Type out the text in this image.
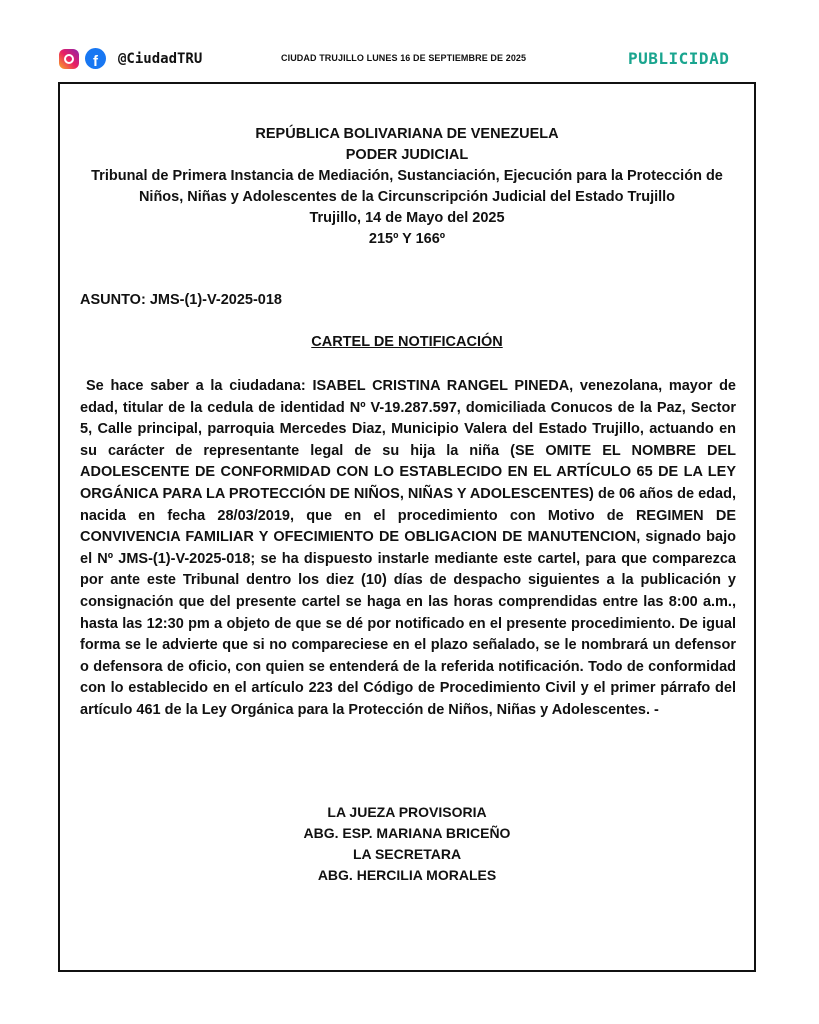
f	@CiudadTRU	CIUDAD TRUJILLO LUNES 16 DE SEPTIEMBRE DE 2025	PUBLICIDAD
REPÚBLICA BOLIVARIANA DE VENEZUELA
PODER JUDICIAL
Tribunal de Primera Instancia de Mediación, Sustanciación, Ejecución para la Protección de Niños, Niñas y Adolescentes de la Circunscripción Judicial del Estado Trujillo
Trujillo, 14 de Mayo del 2025
215º Y 166º
ASUNTO: JMS-(1)-V-2025-018
CARTEL DE NOTIFICACIÓN
Se hace saber a la ciudadana: ISABEL CRISTINA RANGEL PINEDA, venezolana, mayor de edad, titular de la cedula de identidad Nº V-19.287.597, domiciliada Conucos de la Paz, Sector 5, Calle principal, parroquia Mercedes Diaz, Municipio Valera del Estado Trujillo, actuando en su carácter de representante legal de su hija la niña (SE OMITE EL NOMBRE DEL ADOLESCENTE DE CONFORMIDAD CON LO ESTABLECIDO EN EL ARTÍCULO 65 DE LA LEY ORGÁNICA PARA LA PROTECCIÓN DE NIÑOS, NIÑAS Y ADOLESCENTES) de 06 años de edad, nacida en fecha 28/03/2019, que en el procedimiento con Motivo de REGIMEN DE CONVIVENCIA FAMILIAR Y OFECIMIENTO DE OBLIGACION DE MANUTENCION, signado bajo el Nº JMS-(1)-V-2025-018; se ha dispuesto instarle mediante este cartel, para que comparezca por ante este Tribunal dentro los diez (10) días de despacho siguientes a la publicación y consignación que del presente cartel se haga en las horas comprendidas entre las 8:00 a.m., hasta las 12:30 pm a objeto de que se dé por notificado en el presente procedimiento. De igual forma se le advierte que si no compareciese en el plazo señalado, se le nombrará un defensor o defensora de oficio, con quien se entenderá de la referida notificación. Todo de conformidad con lo establecido en el artículo 223 del Código de Procedimiento Civil y el primer párrafo del artículo 461 de la Ley Orgánica para la Protección de Niños, Niñas y Adolescentes. -
LA JUEZA PROVISORIA
ABG. ESP. MARIANA BRICEÑO
LA SECRETARA
ABG. HERCILIA MORALES
